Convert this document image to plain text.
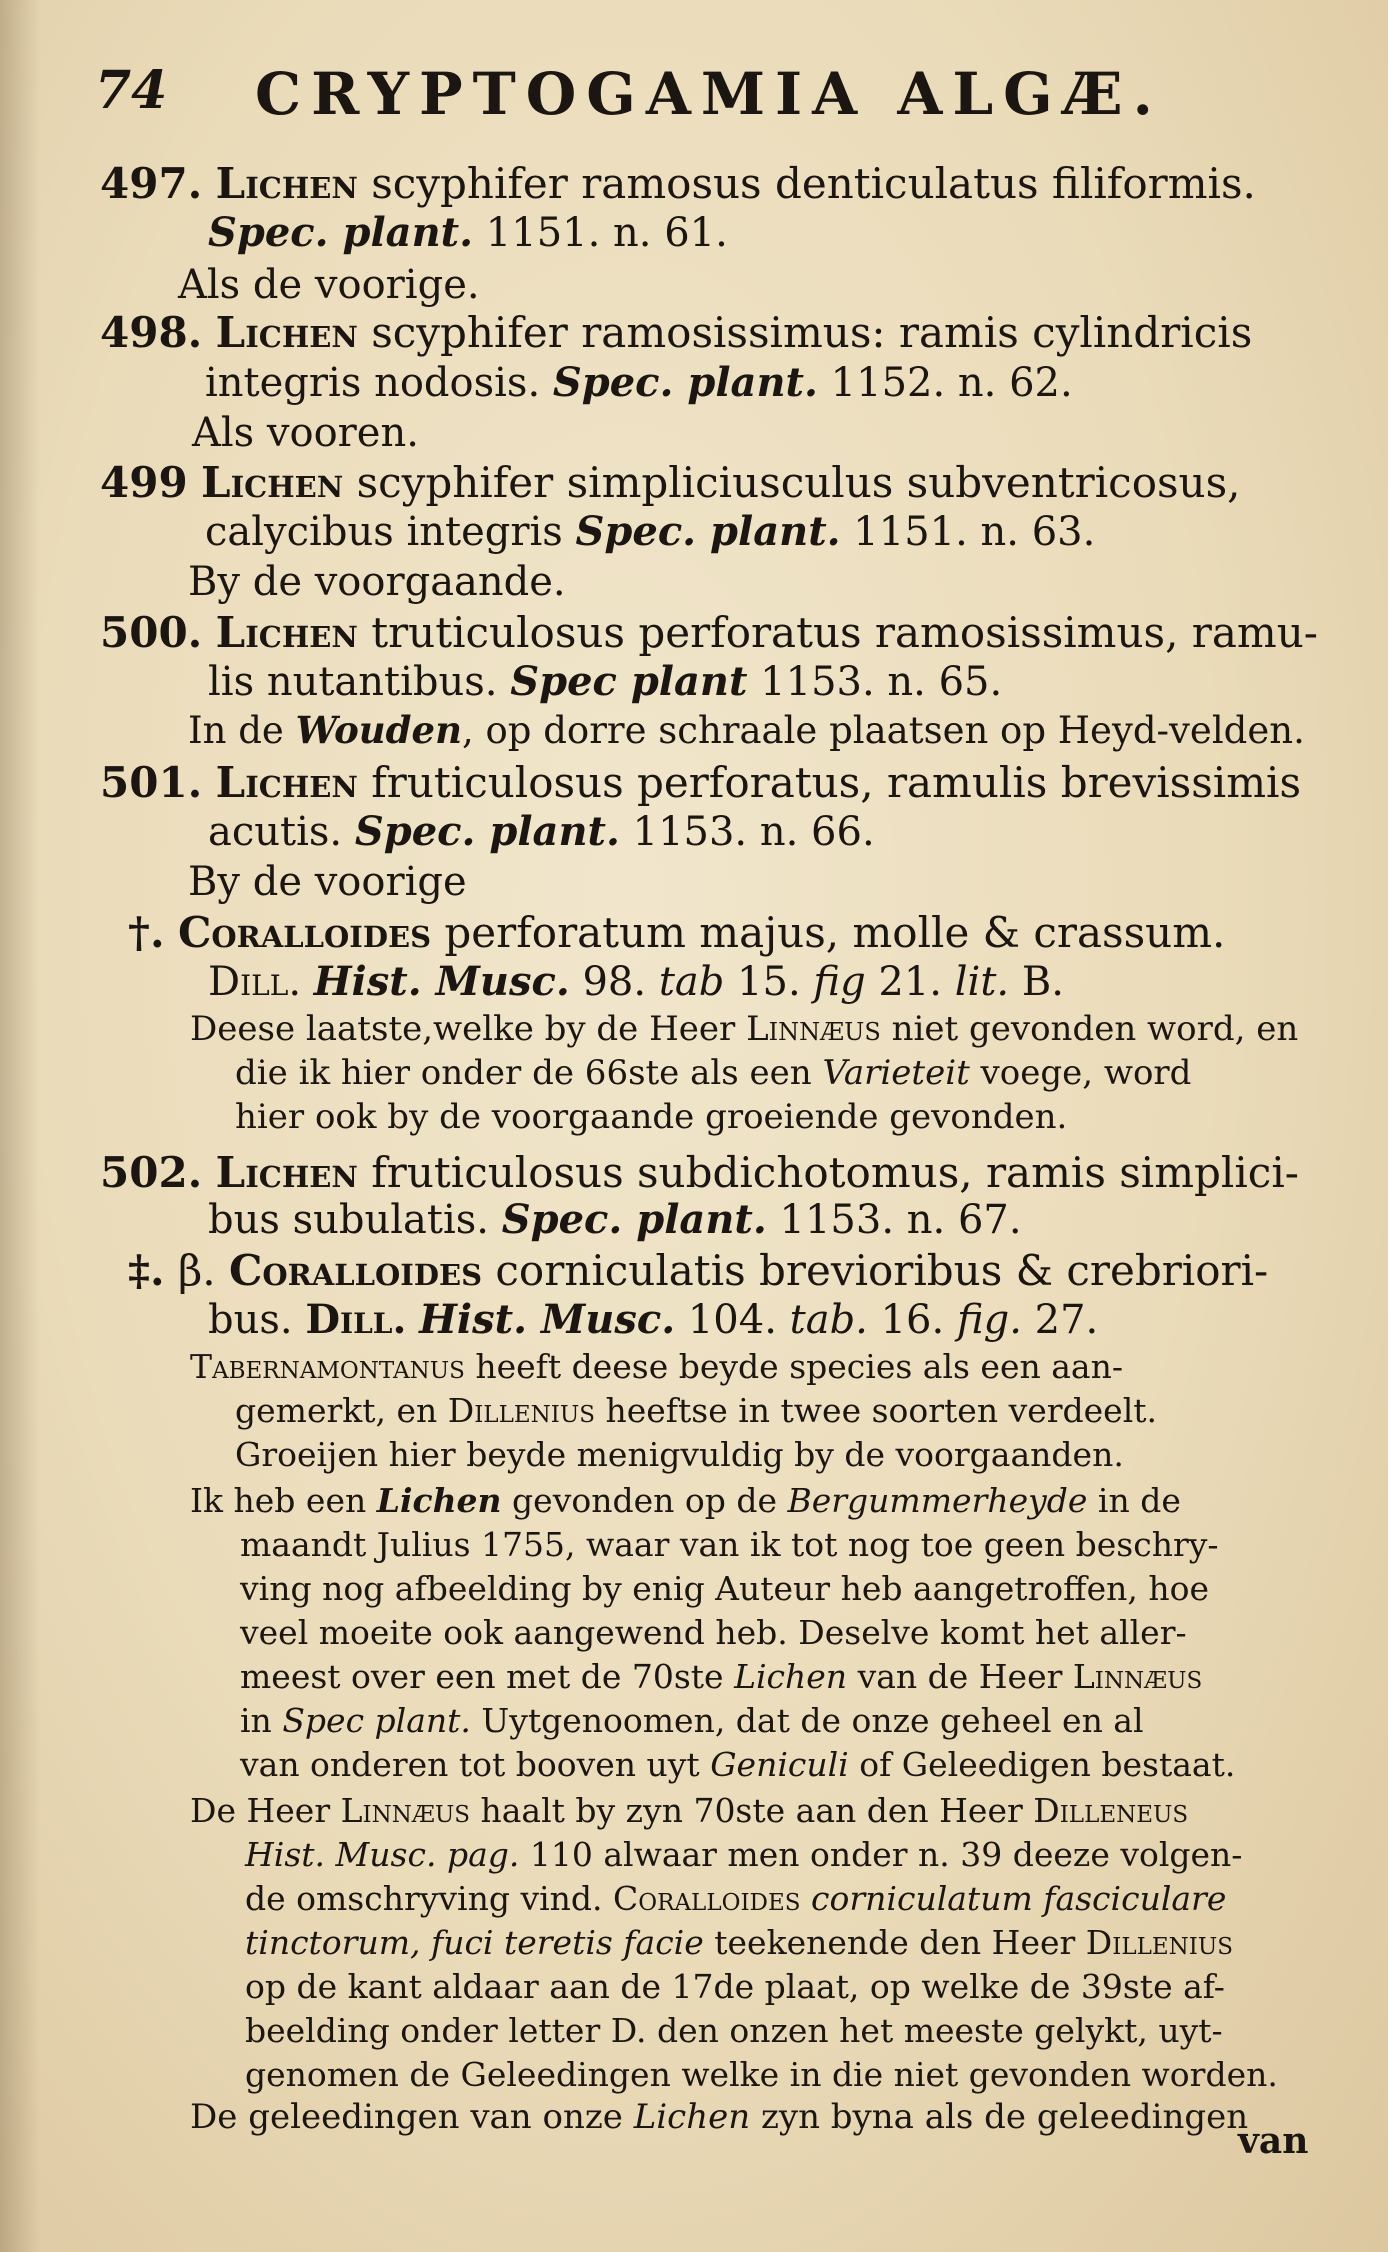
74 CRYPTOGAMIA ALGÆ.
497. Lichen scyphifer ramosus denticulatus filiformis.
Spec. plant. 1151. n. 61.
Als de voorige.
498. Lichen scyphifer ramosissimus: ramis cylindricis
integris nodosis. Spec. plant. 1152. n. 62.
Als vooren.
499 Lichen scyphifer simpliciusculus subventricosus,
calycibus integris Spec. plant. 1151. n. 63.
By de voorgaande.
500. Lichen truticulosus perforatus ramosissimus, ramu-
lis nutantibus. Spec plant 1153. n. 65.
In de Wouden, op dorre schraale plaatsen op Heyd-velden.
501. Lichen fruticulosus perforatus, ramulis brevissimis
acutis. Spec. plant. 1153. n. 66.
By de voorige
†. Coralloides perforatum majus, molle & crassum.
Dill. Hist. Musc. 98. tab 15. fig 21. lit. B.
Deese laatste,welke by de Heer Linnæus niet gevonden word, en
die ik hier onder de 66ste als een Varieteit voege, word
hier ook by de voorgaande groeiende gevonden.
502. Lichen fruticulosus subdichotomus, ramis simplici-
bus subulatis. Spec. plant. 1153. n. 67.
‡. β. Coralloides corniculatis brevioribus & crebriori-
bus. Dill. Hist. Musc. 104. tab. 16. fig. 27.
Tabernamontanus heeft deese beyde species als een aan-
gemerkt, en Dillenius heeftse in twee soorten verdeelt.
Groeijen hier beyde menigvuldig by de voorgaanden.
Ik heb een Lichen gevonden op de Bergummerheyde in de
maandt Julius 1755, waar van ik tot nog toe geen beschry-
ving nog afbeelding by enig Auteur heb aangetroffen, hoe
veel moeite ook aangewend heb. Deselve komt het aller-
meest over een met de 70ste Lichen van de Heer Linnæus
in Spec plant. Uytgenoomen, dat de onze geheel en al
van onderen tot booven uyt Geniculi of Geleedigen bestaat.
De Heer Linnæus haalt by zyn 70ste aan den Heer Dilleneus
Hist. Musc. pag. 110 alwaar men onder n. 39 deeze volgen-
de omschryving vind. Coralloides corniculatum fasciculare
tinctorum, fuci teretis facie teekenende den Heer Dillenius
op de kant aldaar aan de 17de plaat, op welke de 39ste af-
beelding onder letter D. den onzen het meeste gelykt, uyt-
genomen de Geleedingen welke in die niet gevonden worden.
De geleedingen van onze Lichen zyn byna als de geleedingen
van
